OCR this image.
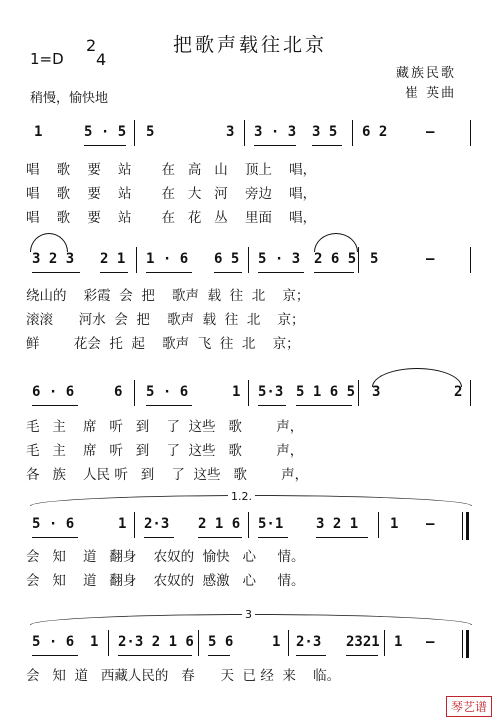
把歌声载往北京
1=D
2
4
稍慢，愉快地
藏族民歌
崔 英曲
1	5 · 5 5	3 3 · 3 3 5 6 2	—
唱    歌    要    站       在   高   山    顶上    唱，
唱    歌    要    站       在   大   河    旁边    唱，
唱    歌    要    站       在   花   丛    里面    唱，
3 2 3 2 1 1 · 6 6 5 5 · 3 2 6 5 5	—
绕山的    彩霞  会  把    歌声  载  往  北    京；
滚滚      河水  会  把    歌声  载  往  北    京；
鲜        花会  托  起    歌声  飞  往  北    京；
6 · 6	6 5 · 6	1 5·3 5 1 6 5 3	2
毛   主    席   听   到    了  这些   歌        声，
毛   主    席   听   到    了  这些   歌        声，
各   族    人民 听   到    了  这些   歌        声，
1.2.
5 · 6	1 2·3 2 1 6 5·1 3 2 1 1 —
会   知    道   翻身    农奴的  愉快   心     情。
会   知    道   翻身    农奴的  感激   心     情。
3
5 · 6 1 2·3 2 1 6 5 6	1 2·3 2321 1 —
会   知  道   西藏人民的   春      天  已 经  来    临。
琴艺谱
